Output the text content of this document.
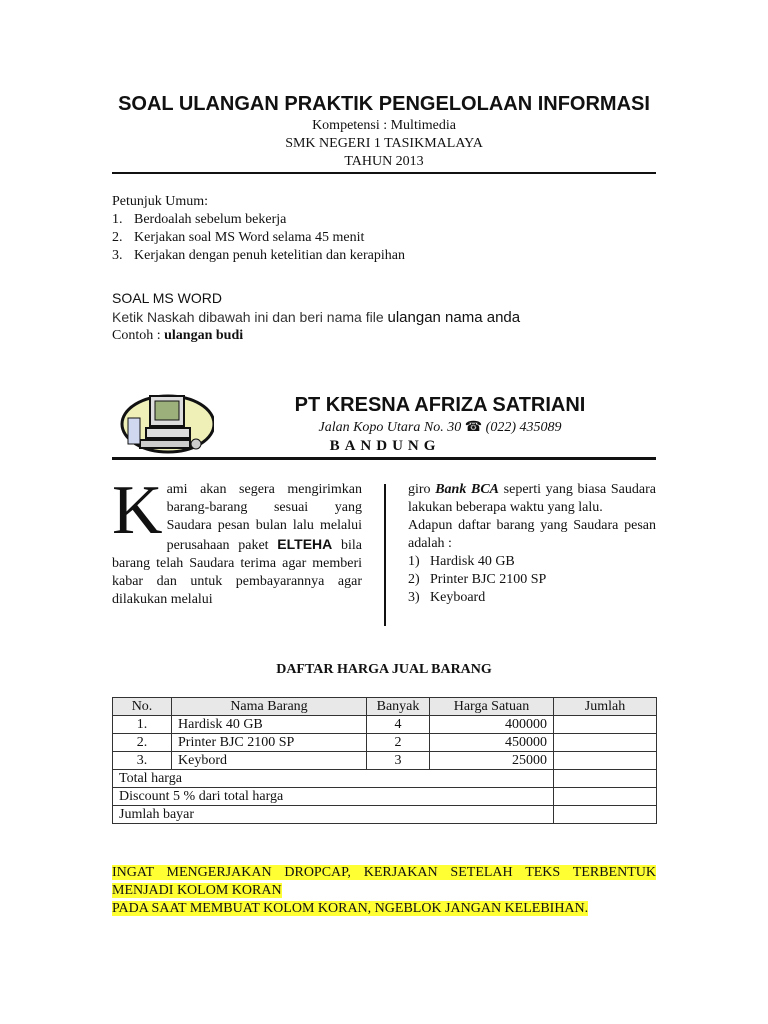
SOAL ULANGAN PRAKTIK PENGELOLAAN INFORMASI
Kompetensi : Multimedia
SMK NEGERI 1 TASIKMALAYA
TAHUN 2013
Petunjuk Umum:
1. Berdoalah sebelum bekerja
2. Kerjakan soal MS Word selama 45 menit
3. Kerjakan dengan penuh ketelitian dan kerapihan
SOAL MS WORD
Ketik Naskah dibawah ini dan beri nama file ulangan nama anda
Contoh : ulangan budi
PT KRESNA AFRIZA SATRIANI
Jalan Kopo Utara No. 30 ☎ (022) 435089
BANDUNG
Kami akan segera mengirimkan barang-barang sesuai yang Saudara pesan bulan lalu melalui perusahaan paket ELTEHA bila barang telah Saudara terima agar memberi kabar dan untuk pembayarannya agar dilakukan melalui
giro Bank BCA seperti yang biasa Saudara lakukan beberapa waktu yang lalu.
Adapun daftar barang yang Saudara pesan adalah :
1) Hardisk 40 GB
2) Printer BJC 2100 SP
3) Keyboard
DAFTAR HARGA JUAL BARANG
No.	Nama Barang	Banyak	Harga Satuan	Jumlah
1.	Hardisk 40 GB	4	400000	
2.	Printer BJC 2100 SP	2	450000	
3.	Keybord	3	25000	
Total harga				
Discount 5 % dari total harga				
Jumlah bayar				
INGAT MENGERJAKAN DROPCAP, KERJAKAN SETELAH TEKS TERBENTUK MENJADI KOLOM KORAN
PADA SAAT MEMBUAT KOLOM KORAN, NGEBLOK JANGAN KELEBIHAN.
